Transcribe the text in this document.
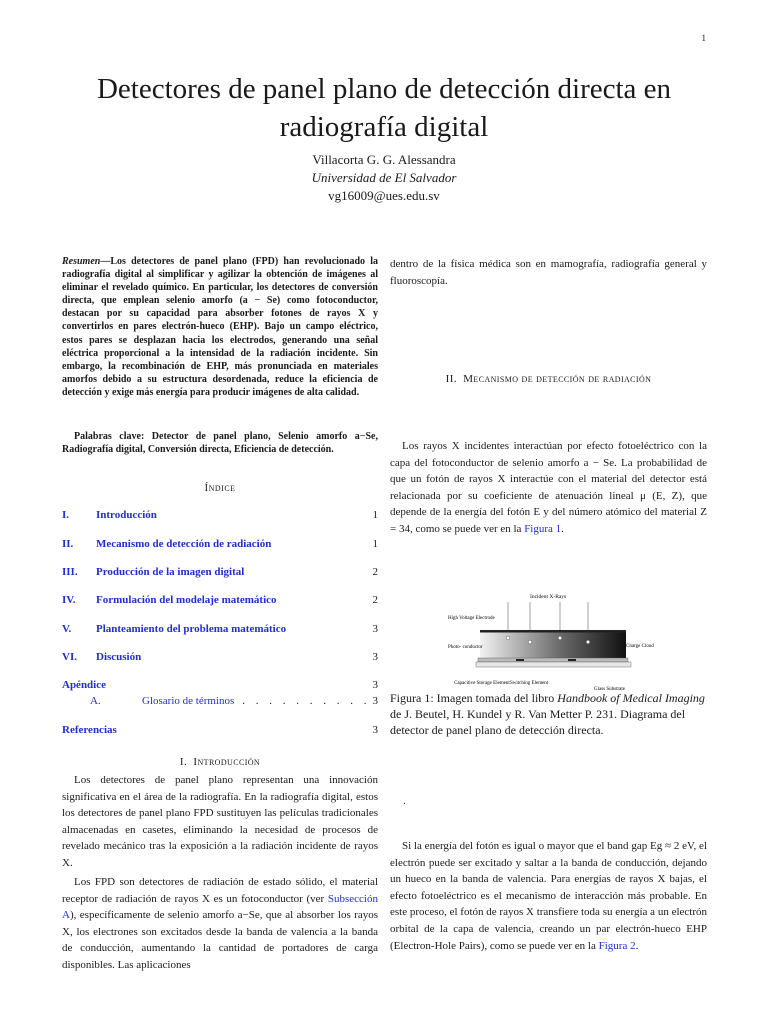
1
Detectores de panel plano de detección directa en radiografía digital
Villacorta G. G. Alessandra
Universidad de El Salvador
vg16009@ues.edu.sv
Resumen—Los detectores de panel plano (FPD) han revolucionado la radiografía digital al simplificar y agilizar la obtención de imágenes al eliminar el revelado químico. En particular, los detectores de conversión directa, que emplean selenio amorfo (a − Se) como fotoconductor, destacan por su capacidad para absorber fotones de rayos X y convertirlos en pares electrón-hueco (EHP). Bajo un campo eléctrico, estos pares se desplazan hacia los electrodos, generando una señal eléctrica proporcional a la intensidad de la radiación incidente. Sin embargo, la recombinación de EHP, más pronunciada en materiales amorfos debido a su estructura desordenada, reduce la eficiencia de detección y exige más energía para producir imágenes de alta calidad.
Palabras clave: Detector de panel plano, Selenio amorfo a−Se, Radiografía digital, Conversión directa, Eficiencia de detección.
Índice
I. Introducción	1
II. Mecanismo de detección de radiación	1
III. Producción de la imagen digital	2
IV. Formulación del modelaje matemático	2
V. Planteamiento del problema matemático	3
VI. Discusión	3
Apéndice	3
A.	Glosario de términos . . . . . . . . . . 3
Referencias	3
I. Introducción
Los detectores de panel plano representan una innovación significativa en el área de la radiografía. En la radiografía digital, estos los detectores de panel plano FPD sustituyen las películas tradicionales almacenadas en casetes, eliminando la necesidad de procesos de revelado mecánico tras la exposición a la radiación incidente de rayos X.
Los FPD son detectores de radiación de estado sólido, el material receptor de radiación de rayos X es un fotoconductor (ver Subsección A), específicamente de selenio amorfo a−Se, que al absorber los rayos X, los electrones son excitados desde la banda de valencia a la banda de conducción, aumentando la cantidad de portadores de carga disponibles. Las aplicaciones
dentro de la física médica son en mamografía, radiografía general y fluoroscopía.
II. Mecanismo de detección de radiación
Los rayos X incidentes interactúan por efecto fotoeléctrico con la capa del fotoconductor de selenio amorfo a − Se. La probabilidad de que un fotón de rayos X interactúe con el material del detector está relacionada por su coeficiente de atenuación lineal μ (E, Z), que depende de la energía del fotón E y del número atómico del material Z = 34, como se puede ver en la Figura 1.
Incident X-Rays
High Voltage Electrode
Photo- conductor	Charge Cloud
Capacitive Storage Element Switching Element
Glass Substrate
Figura 1: Imagen tomada del libro Handbook of Medical Imaging de J. Beutel, H. Kundel y R. Van Metter P. 231. Diagrama del detector de panel plano de detección directa.
.
Si la energía del fotón es igual o mayor que el band gap Eg ≈ 2 eV, el electrón puede ser excitado y saltar a la banda de conducción, dejando un hueco en la banda de valencia. Para energías de rayos X bajas, el efecto fotoeléctrico es el mecanismo de interacción más probable. En este proceso, el fotón de rayos X transfiere toda su energía a un electrón orbital de la capa de valencia, creando un par electrón-hueco EHP (Electron-Hole Pairs), como se puede ver en la Figura 2.
